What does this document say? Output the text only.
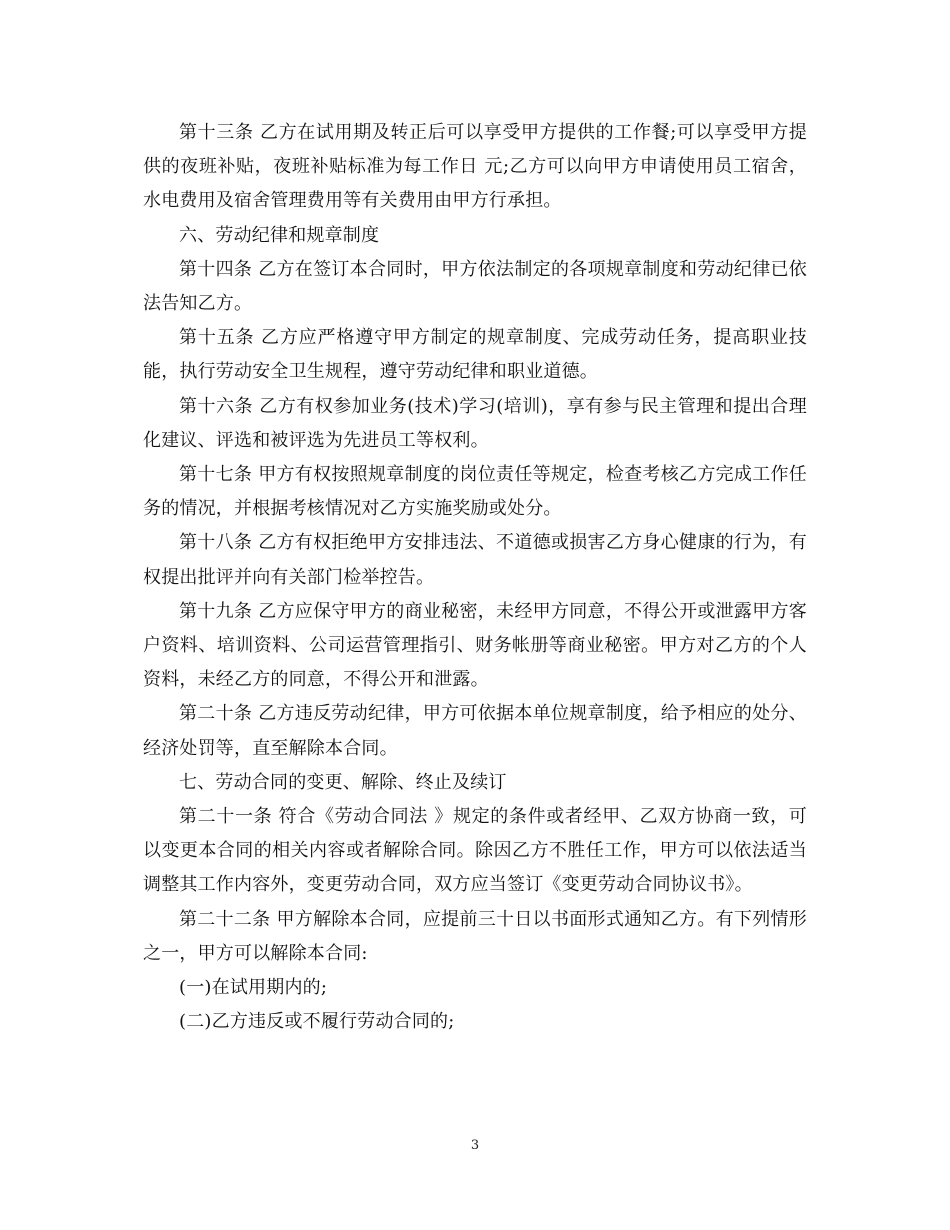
第十三条 乙方在试用期及转正后可以享受甲方提供的工作餐;可以享受甲方提供的夜班补贴，夜班补贴标准为每工作日 元;乙方可以向甲方申请使用员工宿舍，水电费用及宿舍管理费用等有关费用由甲方行承担。

六、劳动纪律和规章制度

第十四条 乙方在签订本合同时，甲方依法制定的各项规章制度和劳动纪律已依法告知乙方。

第十五条 乙方应严格遵守甲方制定的规章制度、完成劳动任务，提高职业技能，执行劳动安全卫生规程，遵守劳动纪律和职业道德。

第十六条 乙方有权参加业务(技术)学习(培训)，享有参与民主管理和提出合理化建议、评选和被评选为先进员工等权利。

第十七条 甲方有权按照规章制度的岗位责任等规定，检查考核乙方完成工作任务的情况，并根据考核情况对乙方实施奖励或处分。

第十八条 乙方有权拒绝甲方安排违法、不道德或损害乙方身心健康的行为，有权提出批评并向有关部门检举控告。

第十九条 乙方应保守甲方的商业秘密，未经甲方同意，不得公开或泄露甲方客户资料、培训资料、公司运营管理指引、财务帐册等商业秘密。甲方对乙方的个人资料，未经乙方的同意，不得公开和泄露。

第二十条 乙方违反劳动纪律，甲方可依据本单位规章制度，给予相应的处分、经济处罚等，直至解除本合同。

七、劳动合同的变更、解除、终止及续订

第二十一条 符合《劳动合同法 》规定的条件或者经甲、乙双方协商一致，可以变更本合同的相关内容或者解除合同。除因乙方不胜任工作，甲方可以依法适当调整其工作内容外，变更劳动合同，双方应当签订《变更劳动合同协议书》。

第二十二条 甲方解除本合同，应提前三十日以书面形式通知乙方。有下列情形之一，甲方可以解除本合同:

(一)在试用期内的;

(二)乙方违反或不履行劳动合同的;

3
